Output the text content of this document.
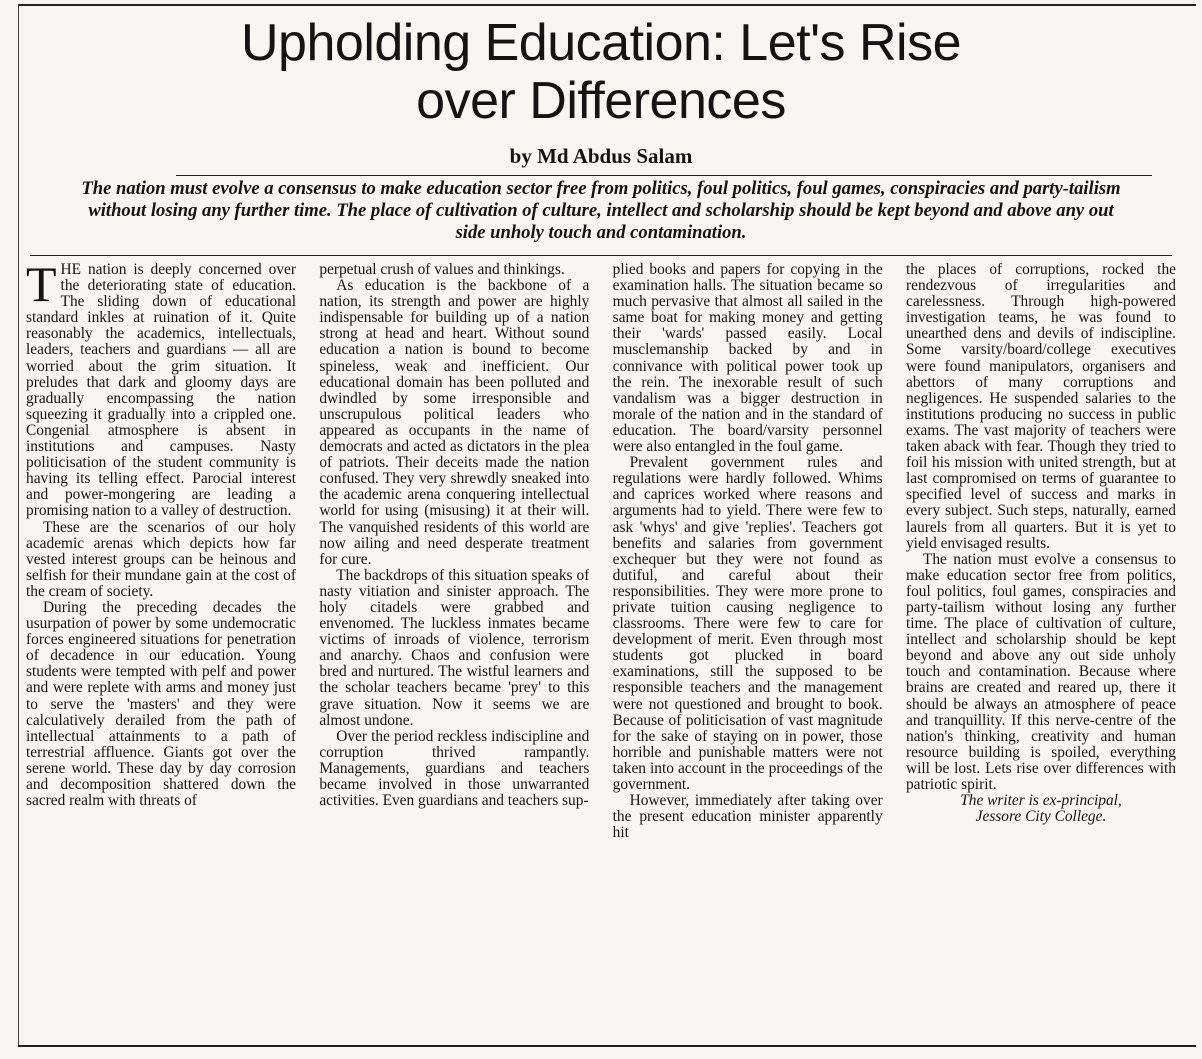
Upholding Education: Let's Rise
over Differences

by Md Abdus Salam

The nation must evolve a consensus to make education sector free from politics, foul politics, foul games, conspiracies and party-tailism without losing any further time. The place of cultivation of culture, intellect and scholarship should be kept beyond and above any out side unholy touch and contamination.

THE nation is deeply concerned over the deteriorating state of education. The sliding down of educational standard inkles at ruination of it. Quite reasonably the academics, intellectuals, leaders, teachers and guardians — all are worried about the grim situation. It preludes that dark and gloomy days are gradually encompassing the nation squeezing it gradually into a crippled one. Congenial atmosphere is absent in institutions and campuses. Nasty politicisation of the student community is having its telling effect. Parocial interest and power-mongering are leading a promising nation to a valley of destruction.

These are the scenarios of our holy academic arenas which depicts how far vested interest groups can be heinous and selfish for their mundane gain at the cost of the cream of society.

During the preceding decades the usurpation of power by some undemocratic forces engineered situations for penetration of decadence in our education. Young students were tempted with pelf and power and were replete with arms and money just to serve the 'masters' and they were calculatively derailed from the path of intellectual attainments to a path of terrestrial affluence. Giants got over the serene world. These day by day corrosion and decomposition shattered down the sacred realm with threats of

perpetual crush of values and thinkings.

As education is the backbone of a nation, its strength and power are highly indispensable for building up of a nation strong at head and heart. Without sound education a nation is bound to become spineless, weak and inefficient. Our educational domain has been polluted and dwindled by some irresponsible and unscrupulous political leaders who appeared as occupants in the name of democrats and acted as dictators in the plea of patriots. Their deceits made the nation confused. They very shrewdly sneaked into the academic arena conquering intellectual world for using (misusing) it at their will. The vanquished residents of this world are now ailing and need desperate treatment for cure.

The backdrops of this situation speaks of nasty vitiation and sinister approach. The holy citadels were grabbed and envenomed. The luckless inmates became victims of inroads of violence, terrorism and anarchy. Chaos and confusion were bred and nurtured. The wistful learners and the scholar teachers became 'prey' to this grave situation. Now it seems we are almost undone.

Over the period reckless indiscipline and corruption thrived rampantly. Managements, guardians and teachers became involved in those unwarranted activities. Even guardians and teachers sup-

plied books and papers for copying in the examination halls. The situation became so much pervasive that almost all sailed in the same boat for making money and getting their 'wards' passed easily. Local musclemanship backed by and in connivance with political power took up the rein. The inexorable result of such vandalism was a bigger destruction in morale of the nation and in the standard of education. The board/varsity personnel were also entangled in the foul game.

Prevalent government rules and regulations were hardly followed. Whims and caprices worked where reasons and arguments had to yield. There were few to ask 'whys' and give 'replies'. Teachers got benefits and salaries from government exchequer but they were not found as dutiful, and careful about their responsibilities. They were more prone to private tuition causing negligence to classrooms. There were few to care for development of merit. Even through most students got plucked in board examinations, still the supposed to be responsible teachers and the management were not questioned and brought to book. Because of politicisation of vast magnitude for the sake of staying on in power, those horrible and punishable matters were not taken into account in the proceedings of the government.

However, immediately after taking over the present education minister apparently hit

the places of corruptions, rocked the rendezvous of irregularities and carelessness. Through high-powered investigation teams, he was found to unearthed dens and devils of indiscipline. Some varsity/board/college executives were found manipulators, organisers and abettors of many corruptions and negligences. He suspended salaries to the institutions producing no success in public exams. The vast majority of teachers were taken aback with fear. Though they tried to foil his mission with united strength, but at last compromised on terms of guarantee to specified level of success and marks in every subject. Such steps, naturally, earned laurels from all quarters. But it is yet to yield envisaged results.

The nation must evolve a consensus to make education sector free from politics, foul politics, foul games, conspiracies and party-tailism without losing any further time. The place of cultivation of culture, intellect and scholarship should be kept beyond and above any out side unholy touch and contamination. Because where brains are created and reared up, there it should be always an atmosphere of peace and tranquillity. If this nerve-centre of the nation's thinking, creativity and human resource building is spoiled, everything will be lost. Lets rise over differences with patriotic spirit.

The writer is ex-principal,
Jessore City College.
